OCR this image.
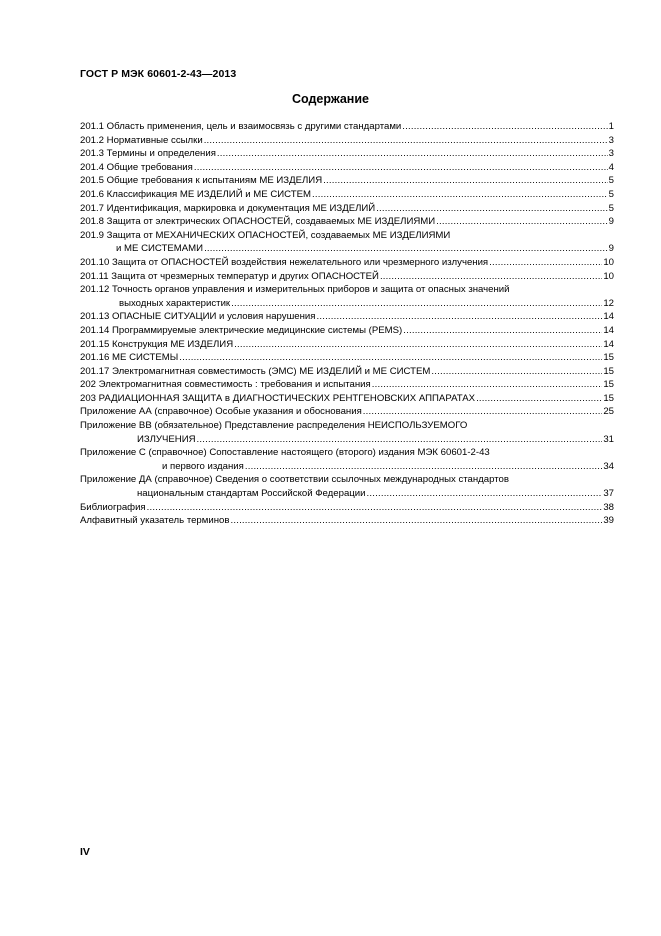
ГОСТ Р МЭК 60601-2-43—2013
Содержание
201.1 Область применения, цель и взаимосвязь с другими стандартами .....	1
201.2 Нормативные ссылки .....	3
201.3 Термины и определения .....	3
201.4 Общие требования .....	4
201.5 Общие требования к испытаниям МЕ ИЗДЕЛИЯ .....	5
201.6 Классификация МЕ ИЗДЕЛИЙ и МЕ СИСТЕМ .....	5
201.7 Идентификация, маркировка и документация МЕ ИЗДЕЛИЙ .....	5
201.8 Защита от электрических ОПАСНОСТЕЙ, создаваемых МЕ ИЗДЕЛИЯМИ .....	9
201.9 Защита от МЕХАНИЧЕСКИХ ОПАСНОСТЕЙ, создаваемых МЕ ИЗДЕЛИЯМИ
и МЕ СИСТЕМАМИ .....	9
201.10 Защита от ОПАСНОСТЕЙ воздействия нежелательного или чрезмерного излучения .....	10
201.11 Защита от чрезмерных температур и других ОПАСНОСТЕЙ .....	10
201.12 Точность органов управления и измерительных приборов и защита от опасных значений
выходных характеристик .....	12
201.13 ОПАСНЫЕ СИТУАЦИИ и условия нарушения .....	14
201.14 Программируемые электрические медицинские системы (PEMS) .....	14
201.15 Конструкция МЕ ИЗДЕЛИЯ .....	14
201.16 МЕ СИСТЕМЫ .....	15
201.17 Электромагнитная совместимость (ЭМС) МЕ ИЗДЕЛИЙ и МЕ СИСТЕМ .....	15
202 Электромагнитная совместимость : требования и испытания .....	15
203 РАДИАЦИОННАЯ ЗАЩИТА в ДИАГНОСТИЧЕСКИХ РЕНТГЕНОВСКИХ АППАРАТАХ .....	15
Приложение АА (справочное) Особые указания и обоснования .....	25
Приложение ВВ (обязательное) Представление распределения НЕИСПОЛЬЗУЕМОГО
ИЗЛУЧЕНИЯ .....	31
Приложение С (справочное) Сопоставление настоящего (второго) издания МЭК 60601-2-43
и первого издания .....	34
Приложение ДА (справочное) Сведения о соответствии ссылочных международных стандартов
национальным стандартам Российской Федерации .....	37
Библиография .....	38
Алфавитный указатель терминов .....	39
IV
